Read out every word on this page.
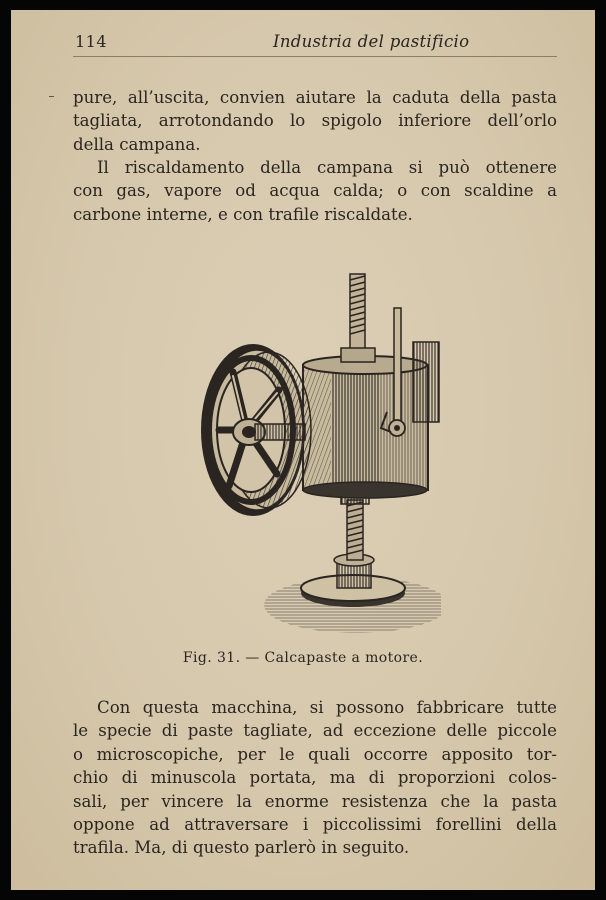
114	Industria del pastificio

pure, all’uscita, convien aiutare la caduta della pasta
tagliata, arrotondando lo spigolo inferiore dell’orlo
della campana.

Il riscaldamento della campana si può ottenere
con gas, vapore od acqua calda; o con scaldine a
carbone interne, e con trafile riscaldate.

Fig. 31. — Calcapaste a motore.

Con questa macchina, si possono fabbricare tutte
le specie di paste tagliate, ad eccezione delle piccole
o microscopiche, per le quali occorre apposito tor-
chio di minuscola portata, ma di proporzioni colos-
sali, per vincere la enorme resistenza che la pasta
oppone ad attraversare i piccolissimi forellini della
trafila. Ma, di questo parlerò in seguito.
